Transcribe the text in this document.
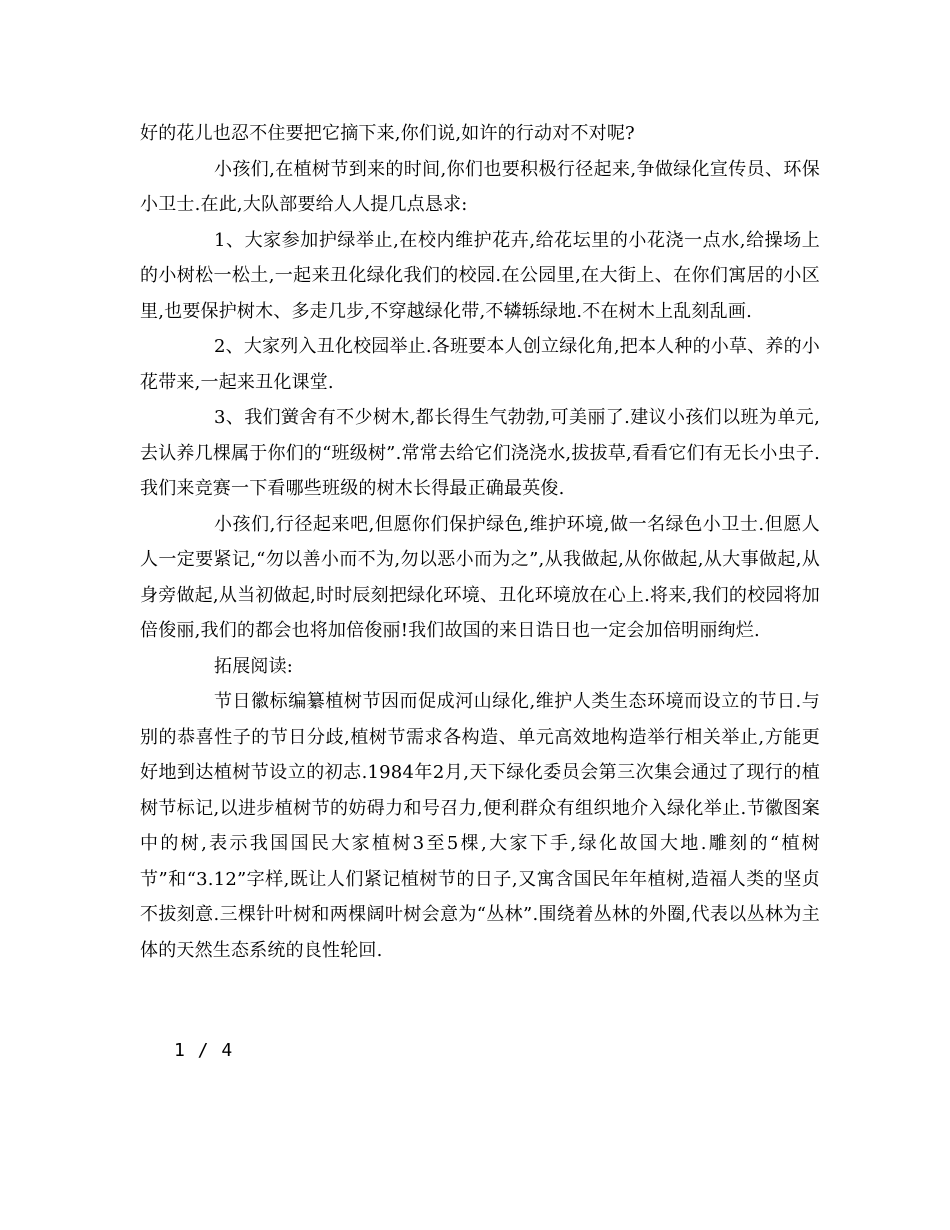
好的花儿也忍不住要把它摘下来,你们说,如许的行动对不对呢?

小孩们,在植树节到来的时间,你们也要积极行径起来,争做绿化宣传员、环保小卫士.在此,大队部要给人人提几点恳求:

1、大家参加护绿举止,在校内维护花卉,给花坛里的小花浇一点水,给操场上的小树松一松土,一起来丑化绿化我们的校园.在公园里,在大街上、在你们寓居的小区里,也要保护树木、多走几步,不穿越绿化带,不辚轹绿地.不在树木上乱刻乱画.

2、大家列入丑化校园举止.各班要本人创立绿化角,把本人种的小草、养的小花带来,一起来丑化课堂.

3、我们黉舍有不少树木,都长得生气勃勃,可美丽了.建议小孩们以班为单元,去认养几棵属于你们的“班级树”.常常去给它们浇浇水,拔拔草,看看它们有无长小虫子.我们来竞赛一下看哪些班级的树木长得最正确最英俊.

小孩们,行径起来吧,但愿你们保护绿色,维护环境,做一名绿色小卫士.但愿人人一定要紧记,“勿以善小而不为,勿以恶小而为之”,从我做起,从你做起,从大事做起,从身旁做起,从当初做起,时时辰刻把绿化环境、丑化环境放在心上.将来,我们的校园将加倍俊丽,我们的都会也将加倍俊丽!我们故国的来日诰日也一定会加倍明丽绚烂.

拓展阅读:

节日徽标编纂植树节因而促成河山绿化,维护人类生态环境而设立的节日.与别的恭喜性子的节日分歧,植树节需求各构造、单元高效地构造举行相关举止,方能更好地到达植树节设立的初志.1984年2月,天下绿化委员会第三次集会通过了现行的植树节标记,以进步植树节的妨碍力和号召力,便利群众有组织地介入绿化举止.节徽图案中的树,表示我国国民大家植树3至5棵,大家下手,绿化故国大地.雕刻的“植树节”和“3.12”字样,既让人们紧记植树节的日子,又寓含国民年年植树,造福人类的坚贞不拔刻意.三棵针叶树和两棵阔叶树会意为“丛林”.围绕着丛林的外圈,代表以丛林为主体的天然生态系统的良性轮回.

1 / 4
